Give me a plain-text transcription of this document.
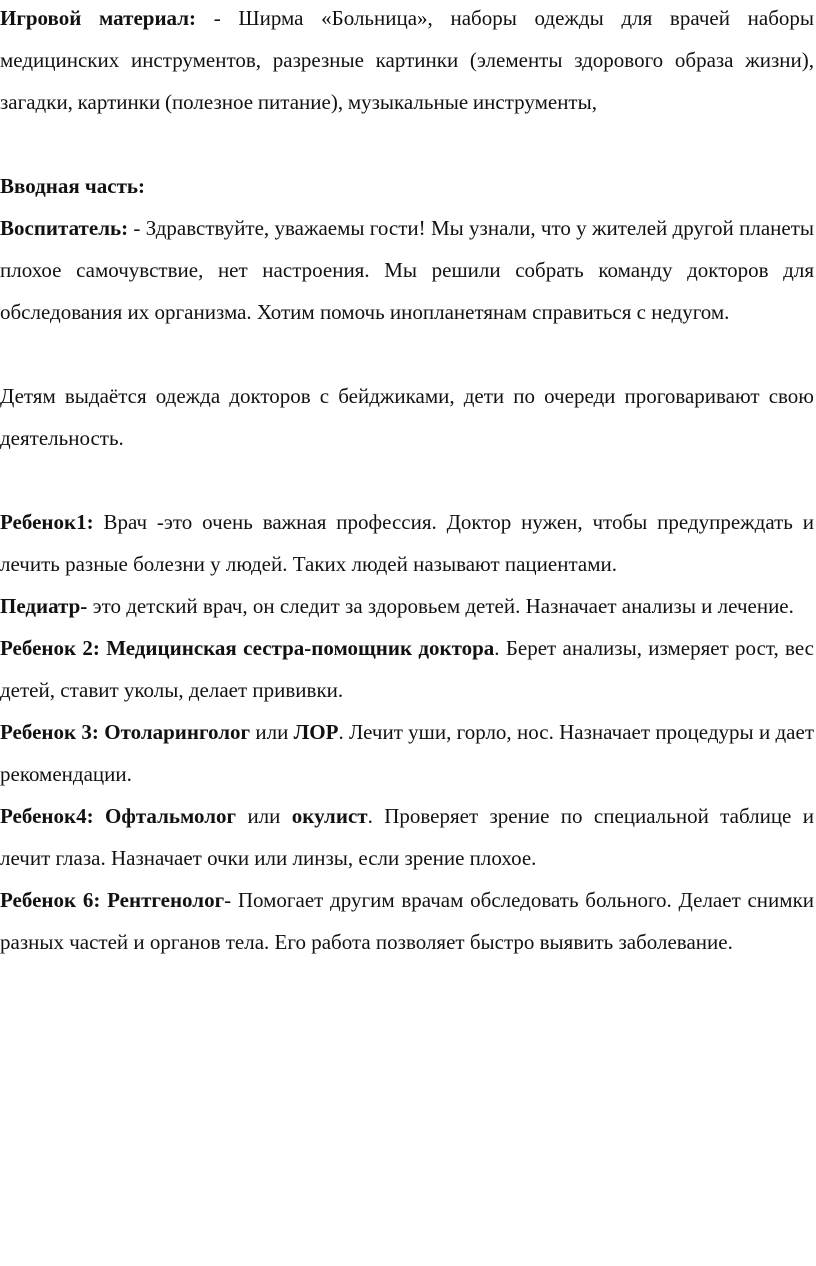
Игровой материал: - Ширма «Больница», наборы одежды для врачей наборы медицинских инструментов, разрезные картинки (элементы здорового образа жизни), загадки, картинки (полезное питание), музыкальные инструменты,

Вводная часть:

Воспитатель: - Здравствуйте, уважаемы гости! Мы узнали, что у жителей другой планеты плохое самочувствие, нет настроения. Мы решили собрать команду докторов для обследования их организма. Хотим помочь инопланетянам справиться с недугом.

Детям выдаётся одежда докторов с бейджиками, дети по очереди проговаривают свою деятельность.

Ребенок1: Врач -это очень важная профессия. Доктор нужен, чтобы предупреждать и лечить разные болезни у людей. Таких людей называют пациентами.

Педиатр- это детский врач, он следит за здоровьем детей. Назначает анализы и лечение.

Ребенок 2: Медицинская сестра-помощник доктора. Берет анализы, измеряет рост, вес детей, ставит уколы, делает прививки.

Ребенок 3: Отоларинголог или ЛОР. Лечит уши, горло, нос. Назначает процедуры и дает рекомендации.

Ребенок4: Офтальмолог или окулист. Проверяет зрение по специальной таблице и лечит глаза. Назначает очки или линзы, если зрение плохое.

Ребенок 6: Рентгенолог- Помогает другим врачам обследовать больного. Делает снимки разных частей и органов тела. Его работа позволяет быстро выявить заболевание.
